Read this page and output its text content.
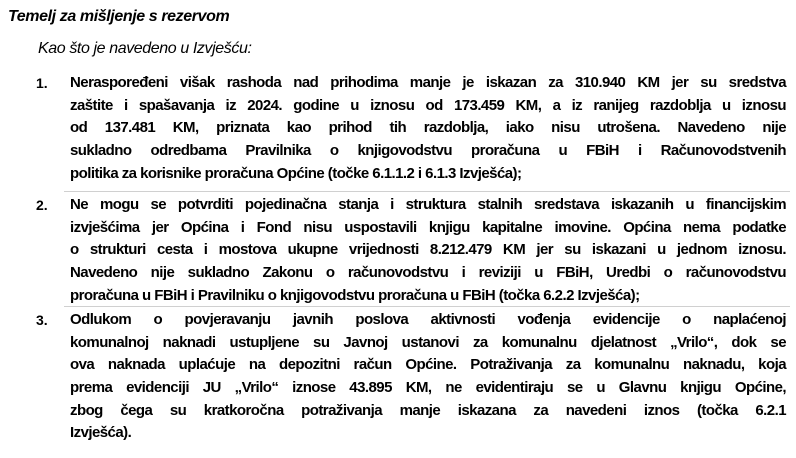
Temelj za mišljenje s rezervom
Kao što je navedeno u Izvješću:
1. Neraspoređeni višak rashoda nad prihodima manje je iskazan za 310.940 KM jer su sredstva
zaštite i spašavanja iz 2024. godine u iznosu od 173.459 KM, a iz ranijeg razdoblja u iznosu
od 137.481 KM, priznata kao prihod tih razdoblja, iako nisu utrošena. Navedeno nije
sukladno odredbama Pravilnika o knjigovodstvu proračuna u FBiH i Računovodstvenih
politika za korisnike proračuna Općine (točke 6.1.1.2 i 6.1.3 Izvješća);
2. Ne mogu se potvrditi pojedinačna stanja i struktura stalnih sredstava iskazanih u financijskim
izvješćima jer Općina i Fond nisu uspostavili knjigu kapitalne imovine. Općina nema podatke
o strukturi cesta i mostova ukupne vrijednosti 8.212.479 KM jer su iskazani u jednom iznosu.
Navedeno nije sukladno Zakonu o računovodstvu i reviziji u FBiH, Uredbi o računovodstvu
proračuna u FBiH i Pravilniku o knjigovodstvu proračuna u FBiH (točka 6.2.2 Izvješća);
3. Odlukom o povjeravanju javnih poslova aktivnosti vođenja evidencije o naplaćenoj
komunalnoj naknadi ustupljene su Javnoj ustanovi za komunalnu djelatnost „Vrilo“, dok se
ova naknada uplaćuje na depozitni račun Općine. Potraživanja za komunalnu naknadu, koja
prema evidenciji JU „Vrilo“ iznose 43.895 KM, ne evidentiraju se u Glavnu knjigu Općine,
zbog čega su kratkoročna potraživanja manje iskazana za navedeni iznos (točka 6.2.1
Izvješća).
